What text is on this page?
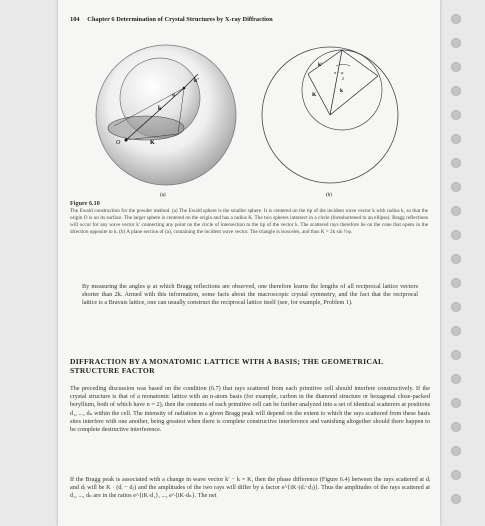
104 Chapter 6 Determination of Crystal Structures by X-ray Diffraction
k′
k
K
O
φ
(a)
k′
π − φ
2
K
k
(b)
Figure 6.10
The Ewald construction for the powder method. (a) The Ewald sphere is the smaller sphere. It is centered on the tip of the incident wave vector k with radius k, so that the origin O is on its surface. The larger sphere is centered on the origin and has a radius K. The two spheres intersect in a circle (foreshortened to an ellipse). Bragg reflections will occur for any wave vector k′ connecting any point on the circle of intersection to the tip of the vector k. The scattered rays therefore lie on the cone that opens in the direction opposite to k. (b) A plane section of (a), containing the incident wave vector. The triangle is isosceles, and thus K = 2k sin ½φ.
By measuring the angles φ at which Bragg reflections are observed, one therefore learns the lengths of all reciprocal lattice vectors shorter than 2k. Armed with this information, some facts about the macroscopic crystal symmetry, and the fact that the reciprocal lattice is a Bravais lattice, one can usually construct the reciprocal lattice itself (see, for example, Problem 1).
DIFFRACTION BY A MONATOMIC LATTICE WITH A BASIS; THE GEOMETRICAL STRUCTURE FACTOR
The preceding discussion was based on the condition (6.7) that rays scattered from each primitive cell should interfere constructively. If the crystal structure is that of a monatomic lattice with an n-atom basis (for example, carbon in the diamond structure or hexagonal close-packed beryllium, both of which have n = 2), then the contents of each primitive cell can be further analyzed into a set of identical scatterers at positions d₁, ..., dₙ within the cell. The intensity of radiation in a given Bragg peak will depend on the extent to which the rays scattered from these basis sites interfere with one another, being greatest when there is complete constructive interference and vanishing altogether should there happen to be complete destructive interference.
If the Bragg peak is associated with a change in wave vector k′ − k = K, then the phase difference (Figure 6.4) between the rays scattered at dᵢ and dⱼ will be K · (dᵢ − dⱼ) and the amplitudes of the two rays will differ by a factor e^{iK·(dᵢ−dⱼ)}. Thus the amplitudes of the rays scattered at d₁, ..., dₙ are in the ratios e^{iK·d₁}, ..., e^{iK·dₙ}. The net
